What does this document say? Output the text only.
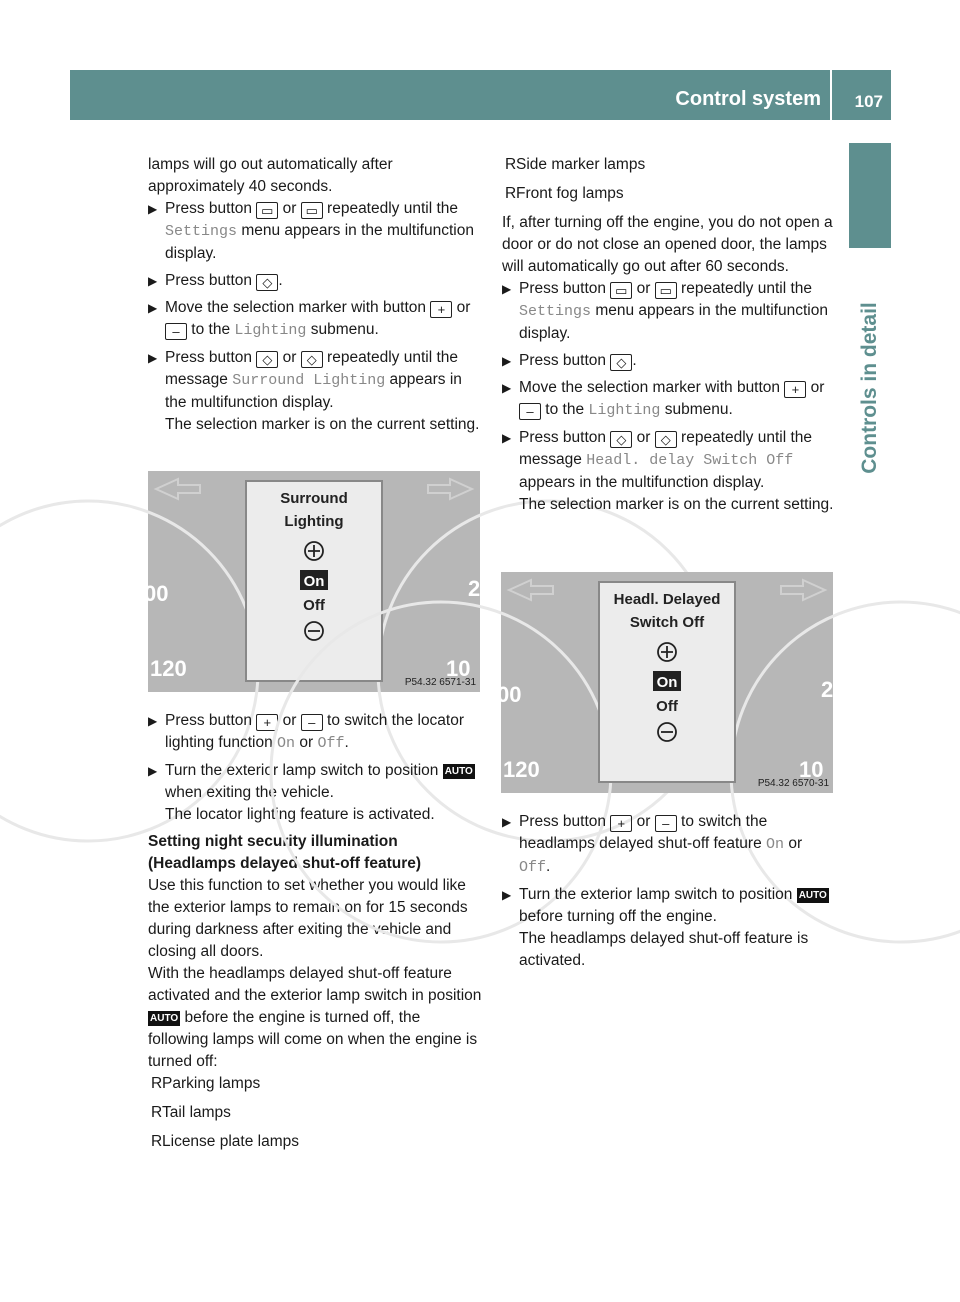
Control system 107
Controls in detail

lamps will go out automatically after approximately 40 seconds.

▶ Press button ▭ or ▭ repeatedly until the Settings menu appears in the multifunction display.

▶ Press button ◇ .

▶ Move the selection marker with button + or – to the Lighting submenu.

▶ Press button ◇ or ◇ repeatedly until the message Surround Lighting appears in the multifunction display.

The selection marker is on the current setting.

120
00
10
2
Surround
Lighting
On
Off
P54.32 6571-31
▶ Press button + or – to switch the locator lighting function On or Off.

▶ Turn the exterior lamp switch to position AUTO when exiting the vehicle.

The locator lighting feature is activated.

Setting night security illumination (Headlamps delayed shut-off feature)

Use this function to set whether you would like the exterior lamps to remain on for 15 seconds during darkness after exiting the vehicle and closing all doors.

With the headlamps delayed shut-off feature activated and the exterior lamp switch in position AUTO before the engine is turned off, the following lamps will come on when the engine is turned off:

R Parking lamps
R Tail lamps
R License plate lamps
R Side marker lamps
R Front fog lamps

If, after turning off the engine, you do not open a door or do not close an opened door, the lamps will automatically go out after 60 seconds.

▶ Press button ▭ or ▭ repeatedly until the Settings menu appears in the multifunction display.

▶ Press button ◇ .

▶ Move the selection marker with button + or – to the Lighting submenu.

▶ Press button ◇ or ◇ repeatedly until the message Headl. delay Switch Off appears in the multifunction display.

The selection marker is on the current setting.

120
00
10
2
Headl. Delayed
Switch Off
On
Off
P54.32 6570-31
▶ Press button + or – to switch the headlamps delayed shut-off feature On or Off.

▶ Turn the exterior lamp switch to position AUTO before turning off the engine.

The headlamps delayed shut-off feature is activated.
